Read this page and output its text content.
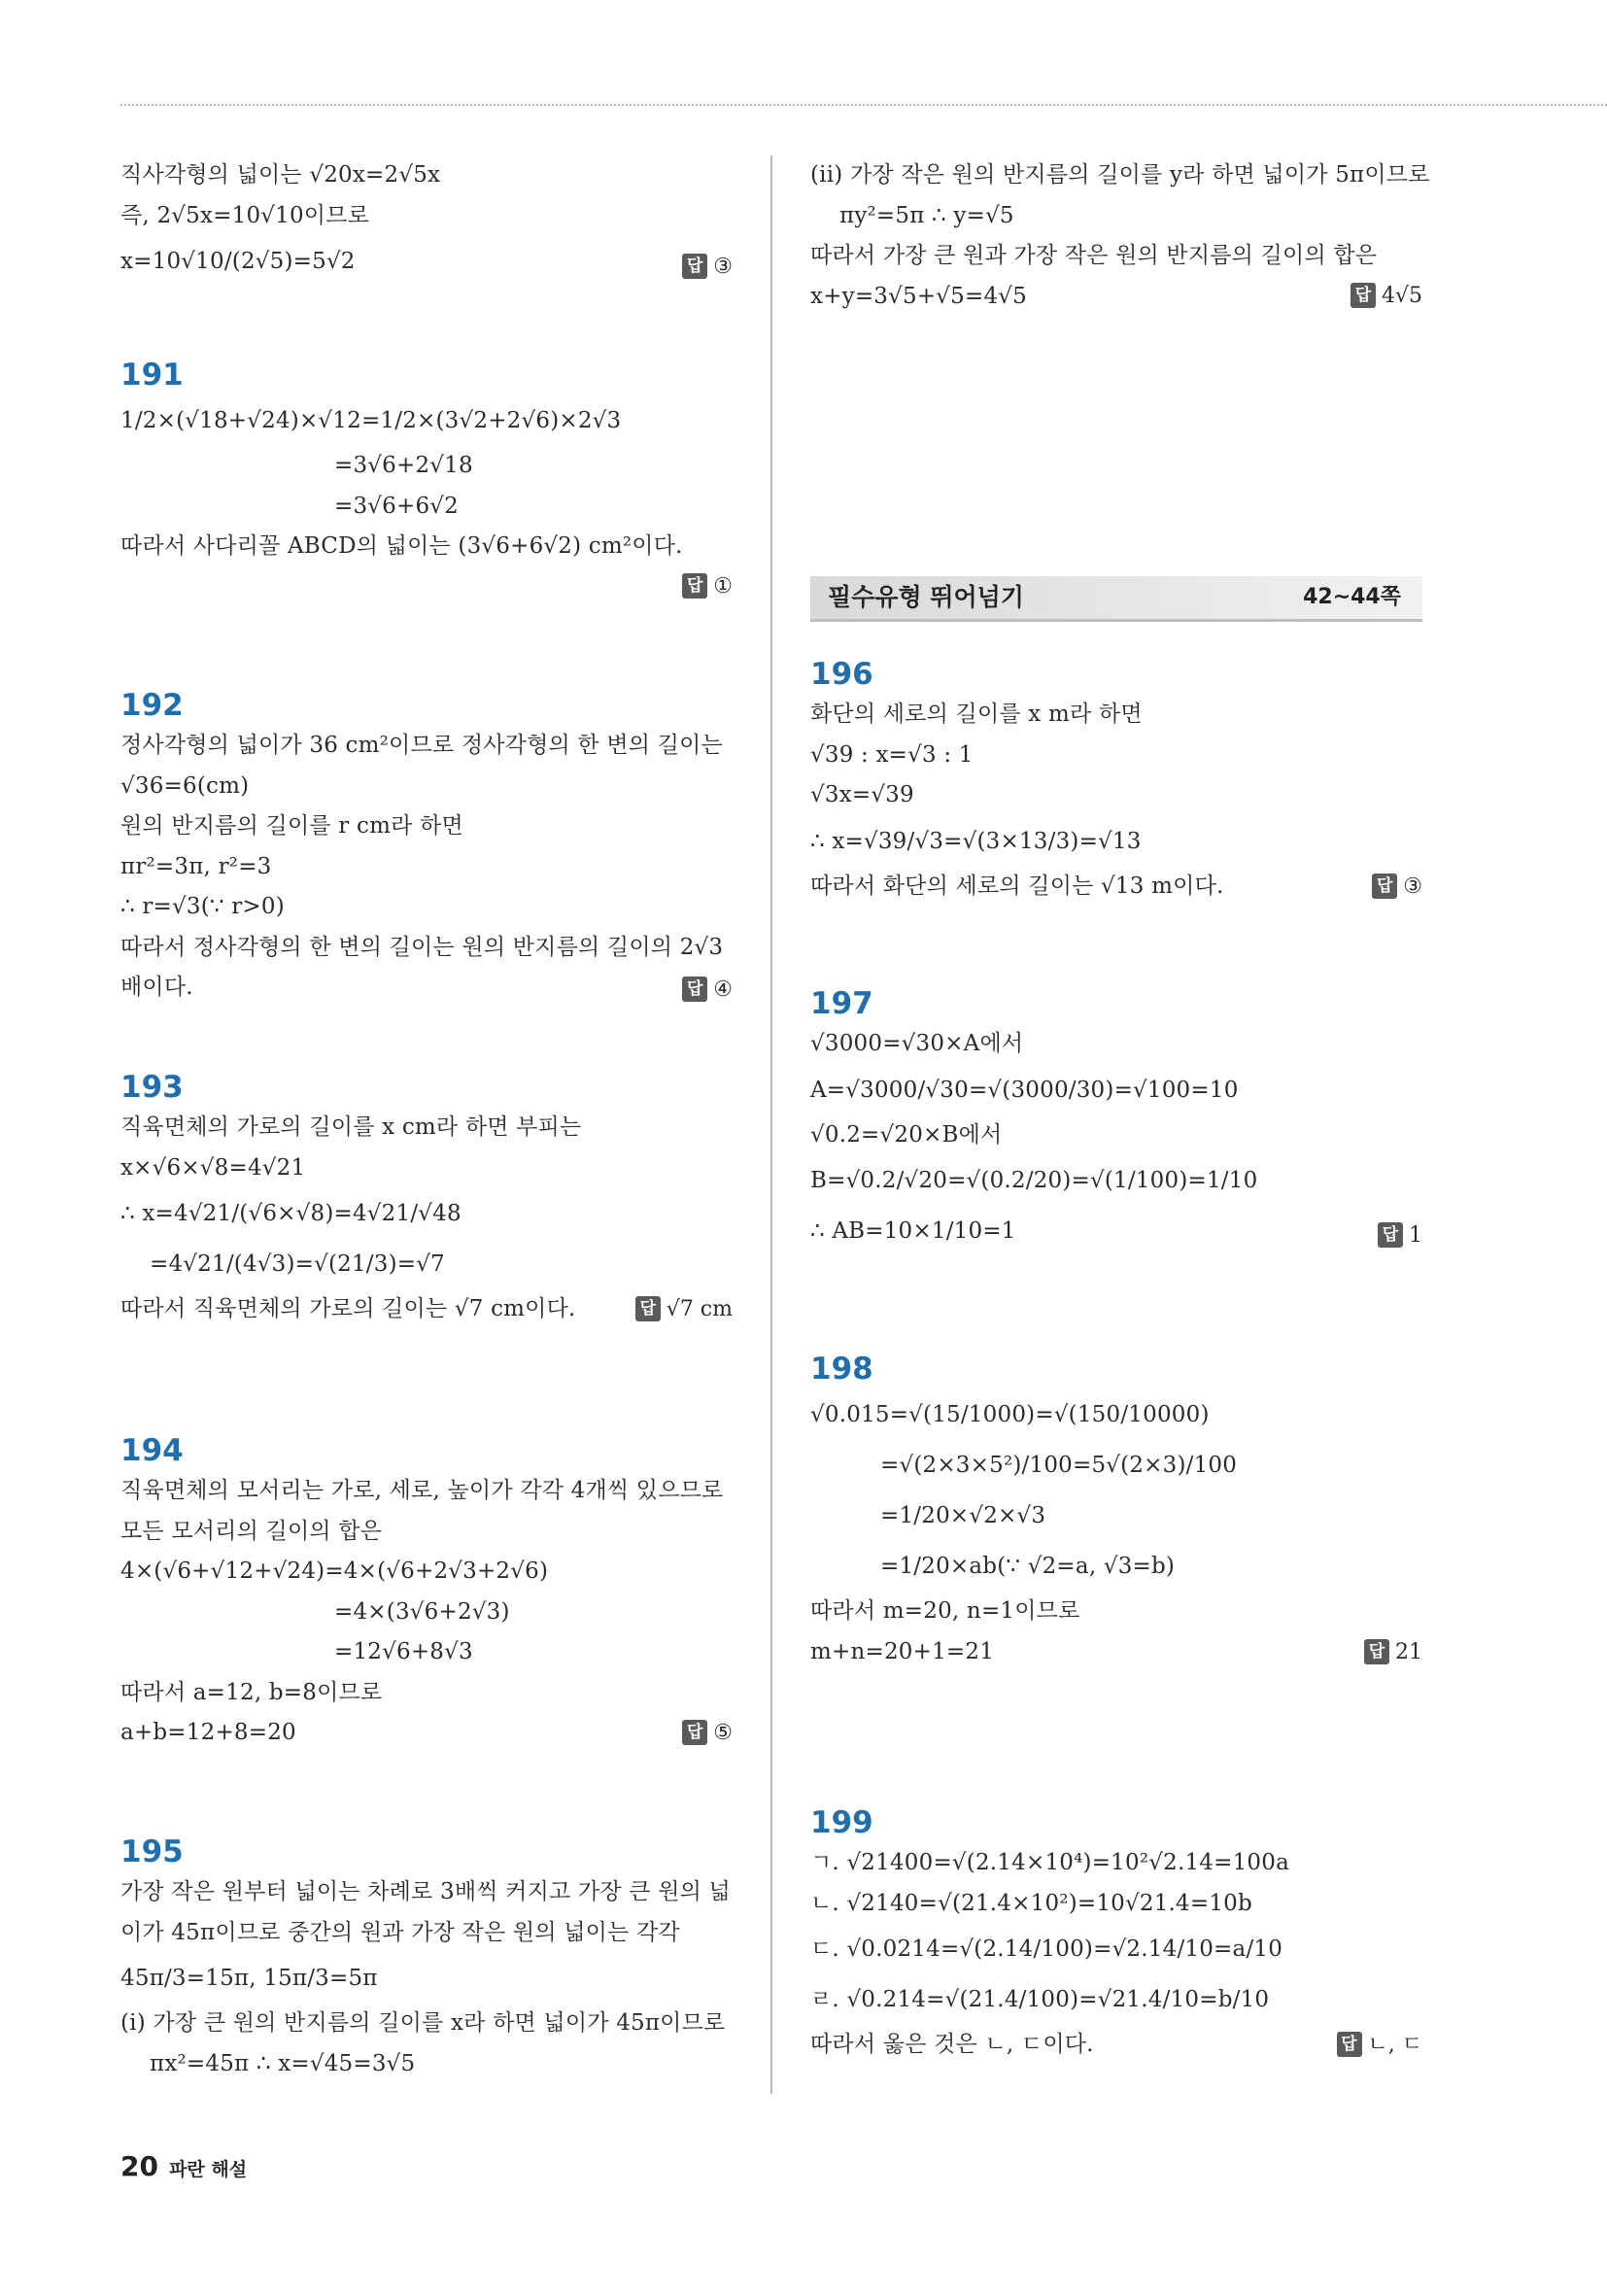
직사각형의 넓이는 √20x=2√5x
즉, 2√5x=10√10이므로
x=10√10/(2√5)=5√2	답 ③
191
1/2×(√18+√24)×√12=1/2×(3√2+2√6)×2√3
=3√6+2√18
=3√6+6√2
따라서 사다리꼴 ABCD의 넓이는 (3√6+6√2) cm²이다.
답 ①
192
정사각형의 넓이가 36 cm²이므로 정사각형의 한 변의 길이는
√36=6(cm)
원의 반지름의 길이를 r cm라 하면
πr²=3π, r²=3
∴ r=√3(∵ r>0)
따라서 정사각형의 한 변의 길이는 원의 반지름의 길이의 2√3
배이다.	답 ④
193
직육면체의 가로의 길이를 x cm라 하면 부피는
x×√6×√8=4√21
∴ x=4√21/(√6×√8)=4√21/√48
=4√21/(4√3)=√(21/3)=√7
따라서 직육면체의 가로의 길이는 √7 cm이다.	답 √7 cm
194
직육면체의 모서리는 가로, 세로, 높이가 각각 4개씩 있으므로
모든 모서리의 길이의 합은
4×(√6+√12+√24)=4×(√6+2√3+2√6)
=4×(3√6+2√3)
=12√6+8√3
따라서 a=12, b=8이므로
a+b=12+8=20	답 ⑤
195
가장 작은 원부터 넓이는 차례로 3배씩 커지고 가장 큰 원의 넓
이가 45π이므로 중간의 원과 가장 작은 원의 넓이는 각각
45π/3=15π, 15π/3=5π
(i) 가장 큰 원의 반지름의 길이를 x라 하면 넓이가 45π이므로
πx²=45π ∴ x=√45=3√5
(ii) 가장 작은 원의 반지름의 길이를 y라 하면 넓이가 5π이므로
πy²=5π ∴ y=√5
따라서 가장 큰 원과 가장 작은 원의 반지름의 길이의 합은
x+y=3√5+√5=4√5	답 4√5
196
화단의 세로의 길이를 x m라 하면
√39 : x=√3 : 1
√3x=√39
∴ x=√39/√3=√(3×13/3)=√13
따라서 화단의 세로의 길이는 √13 m이다.	답 ③
197
√3000=√30×A에서
A=√3000/√30=√(3000/30)=√100=10
√0.2=√20×B에서
B=√0.2/√20=√(0.2/20)=√(1/100)=1/10
∴ AB=10×1/10=1	답 1
198
√0.015=√(15/1000)=√(150/10000)
=√(2×3×5²)/100=5√(2×3)/100
=1/20×√2×√3
=1/20×ab(∵ √2=a, √3=b)
따라서 m=20, n=1이므로
m+n=20+1=21	답 21
199
ㄱ. √21400=√(2.14×10⁴)=10²√2.14=100a
ㄴ. √2140=√(21.4×10²)=10√21.4=10b
ㄷ. √0.0214=√(2.14/100)=√2.14/10=a/10
ㄹ. √0.214=√(21.4/100)=√21.4/10=b/10
따라서 옳은 것은 ㄴ, ㄷ이다.	답 ㄴ, ㄷ
필수유형 뛰어넘기	42~44쪽
20 파란 해설
